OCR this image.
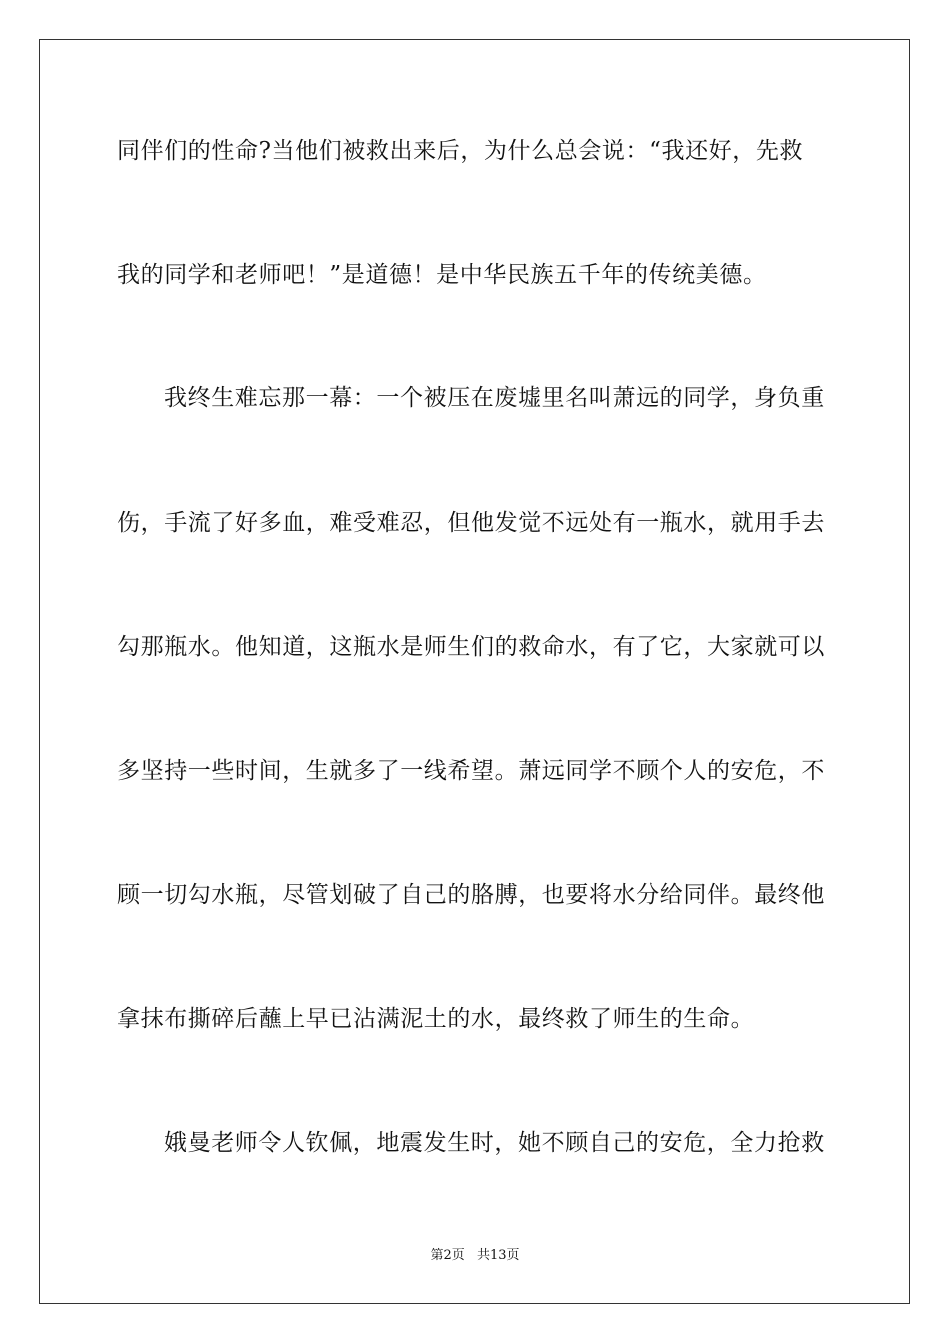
同伴们的性命?当他们被救出来后，为什么总会说：“我还好，先救
我的同学和老师吧！”是道德！是中华民族五千年的传统美德。
我终生难忘那一幕：一个被压在废墟里名叫萧远的同学，身负重
伤，手流了好多血，难受难忍，但他发觉不远处有一瓶水，就用手去
勾那瓶水。他知道，这瓶水是师生们的救命水，有了它，大家就可以
多坚持一些时间，生就多了一线希望。萧远同学不顾个人的安危，不
顾一切勾水瓶，尽管划破了自己的胳膊，也要将水分给同伴。最终他
拿抹布撕碎后蘸上早已沾满泥土的水，最终救了师生的生命。
娥曼老师令人钦佩，地震发生时，她不顾自己的安危，全力抢救
第2页 共13页
